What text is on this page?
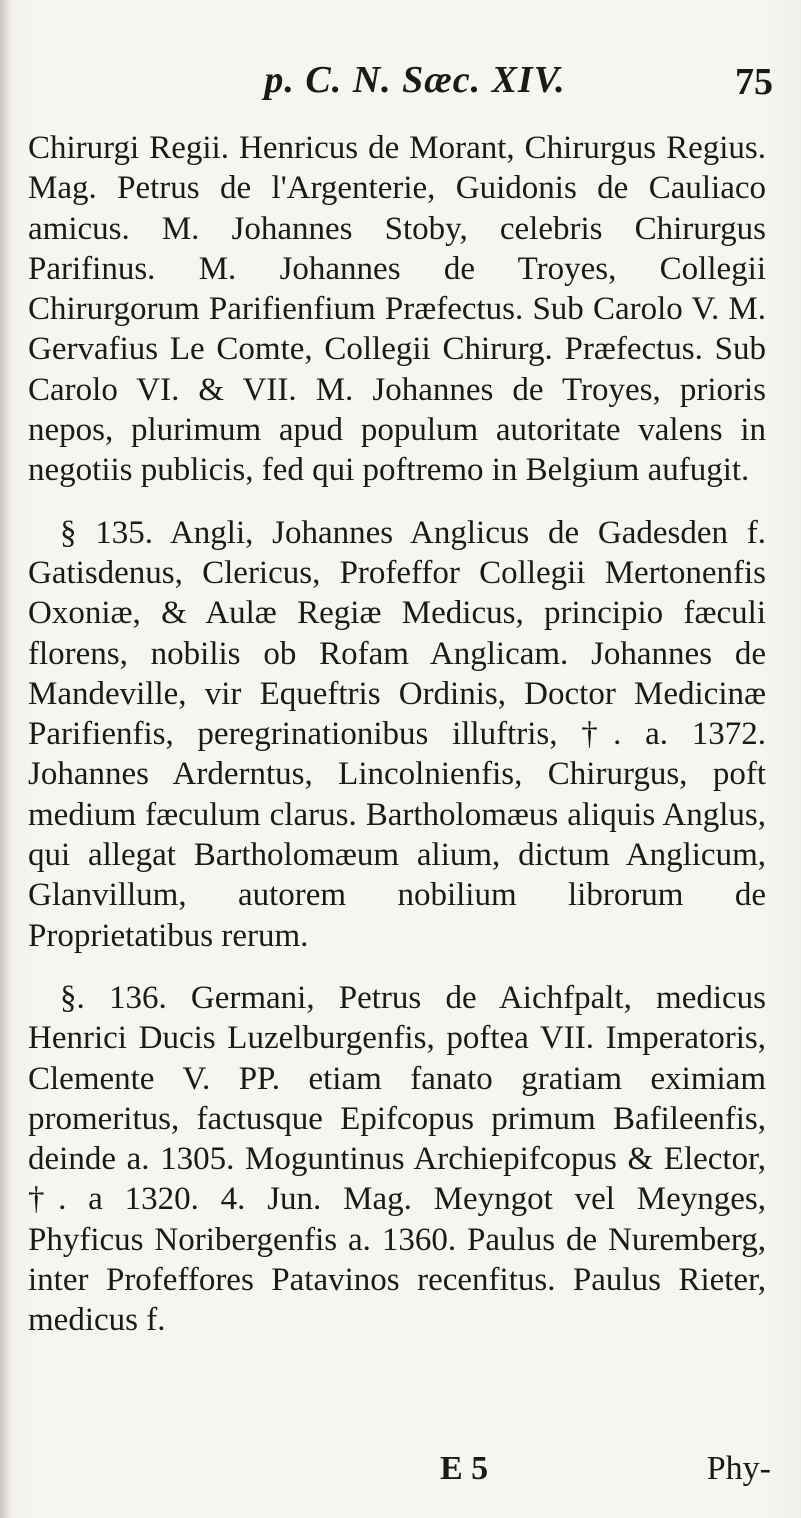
p. C. N. Sæc. XIV.	75

Chirurgi Regii. Henricus de Morant, Chirurgus Regius. Mag. Petrus de l'Argenterie, Guidonis de Cauliaco amicus. M. Johannes Stoby, celebris Chirurgus Parifinus. M. Johannes de Troyes, Collegii Chirurgorum Parifienfium Præfectus. Sub Carolo V. M. Gervafius Le Comte, Collegii Chirurg. Præfectus. Sub Carolo VI. & VII. M. Johannes de Troyes, prioris nepos, plurimum apud populum autoritate valens in negotiis publicis, fed qui poftremo in Belgium aufugit.

§ 135. Angli, Johannes Anglicus de Gadesden f. Gatisdenus, Clericus, Profeffor Collegii Mertonenfis Oxoniæ, & Aulæ Regiæ Medicus, principio fæculi florens, nobilis ob Rofam Anglicam. Johannes de Mandeville, vir Equeftris Ordinis, Doctor Medicinæ Parifienfis, peregrinationibus illuftris, †. a. 1372. Johannes Arderntus, Lincolnienfis, Chirurgus, poft medium fæculum clarus. Bartholomæus aliquis Anglus, qui allegat Bartholomæum alium, dictum Anglicum, Glanvillum, autorem nobilium librorum de Proprietatibus rerum.

§. 136. Germani, Petrus de Aichfpalt, medicus Henrici Ducis Luzelburgenfis, poftea VII. Imperatoris, Clemente V. PP. etiam fanato gratiam eximiam promeritus, factusque Epifcopus primum Bafileenfis, deinde a. 1305. Moguntinus Archiepifcopus & Elector, †. a 1320. 4. Jun. Mag. Meyngot vel Meynges, Phyficus Noribergenfis a. 1360. Paulus de Nuremberg, inter Profeffores Patavinos recenfitus. Paulus Rieter, medicus f.

E 5	Phy-
